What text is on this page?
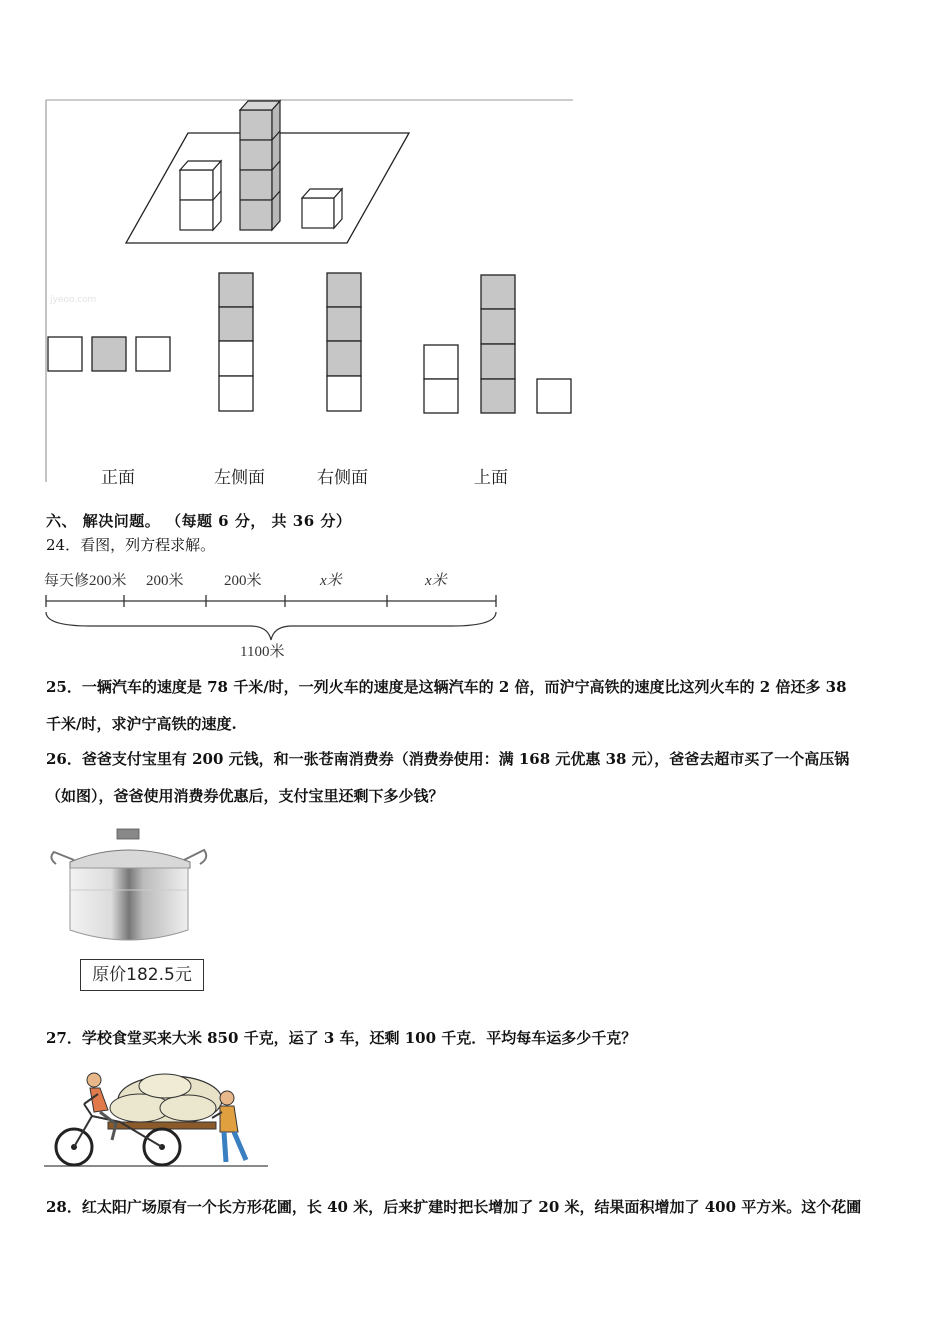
jyeoo.com
正面	左侧面	右侧面	上面
六、 解决问题。 （每题 6 分， 共 36 分）
24．看图，列方程求解。
每天修200米 200米	200米	x米	x米
1100米
25．一辆汽车的速度是 78 千米/时，一列火车的速度是这辆汽车的 2 倍，而沪宁高铁的速度比这列火车的 2 倍还多 38
千米/时，求沪宁高铁的速度.
26．爸爸支付宝里有 200 元钱，和一张苍南消费券（消费券使用：满 168 元优惠 38 元），爸爸去超市买了一个高压锅
（如图），爸爸使用消费券优惠后，支付宝里还剩下多少钱？
原价182.5元
27．学校食堂买来大米 850 千克，运了 3 车，还剩 100 千克．平均每车运多少千克？
28．红太阳广场原有一个长方形花圃，长 40 米，后来扩建时把长增加了 20 米，结果面积增加了 400 平方米。这个花圃
